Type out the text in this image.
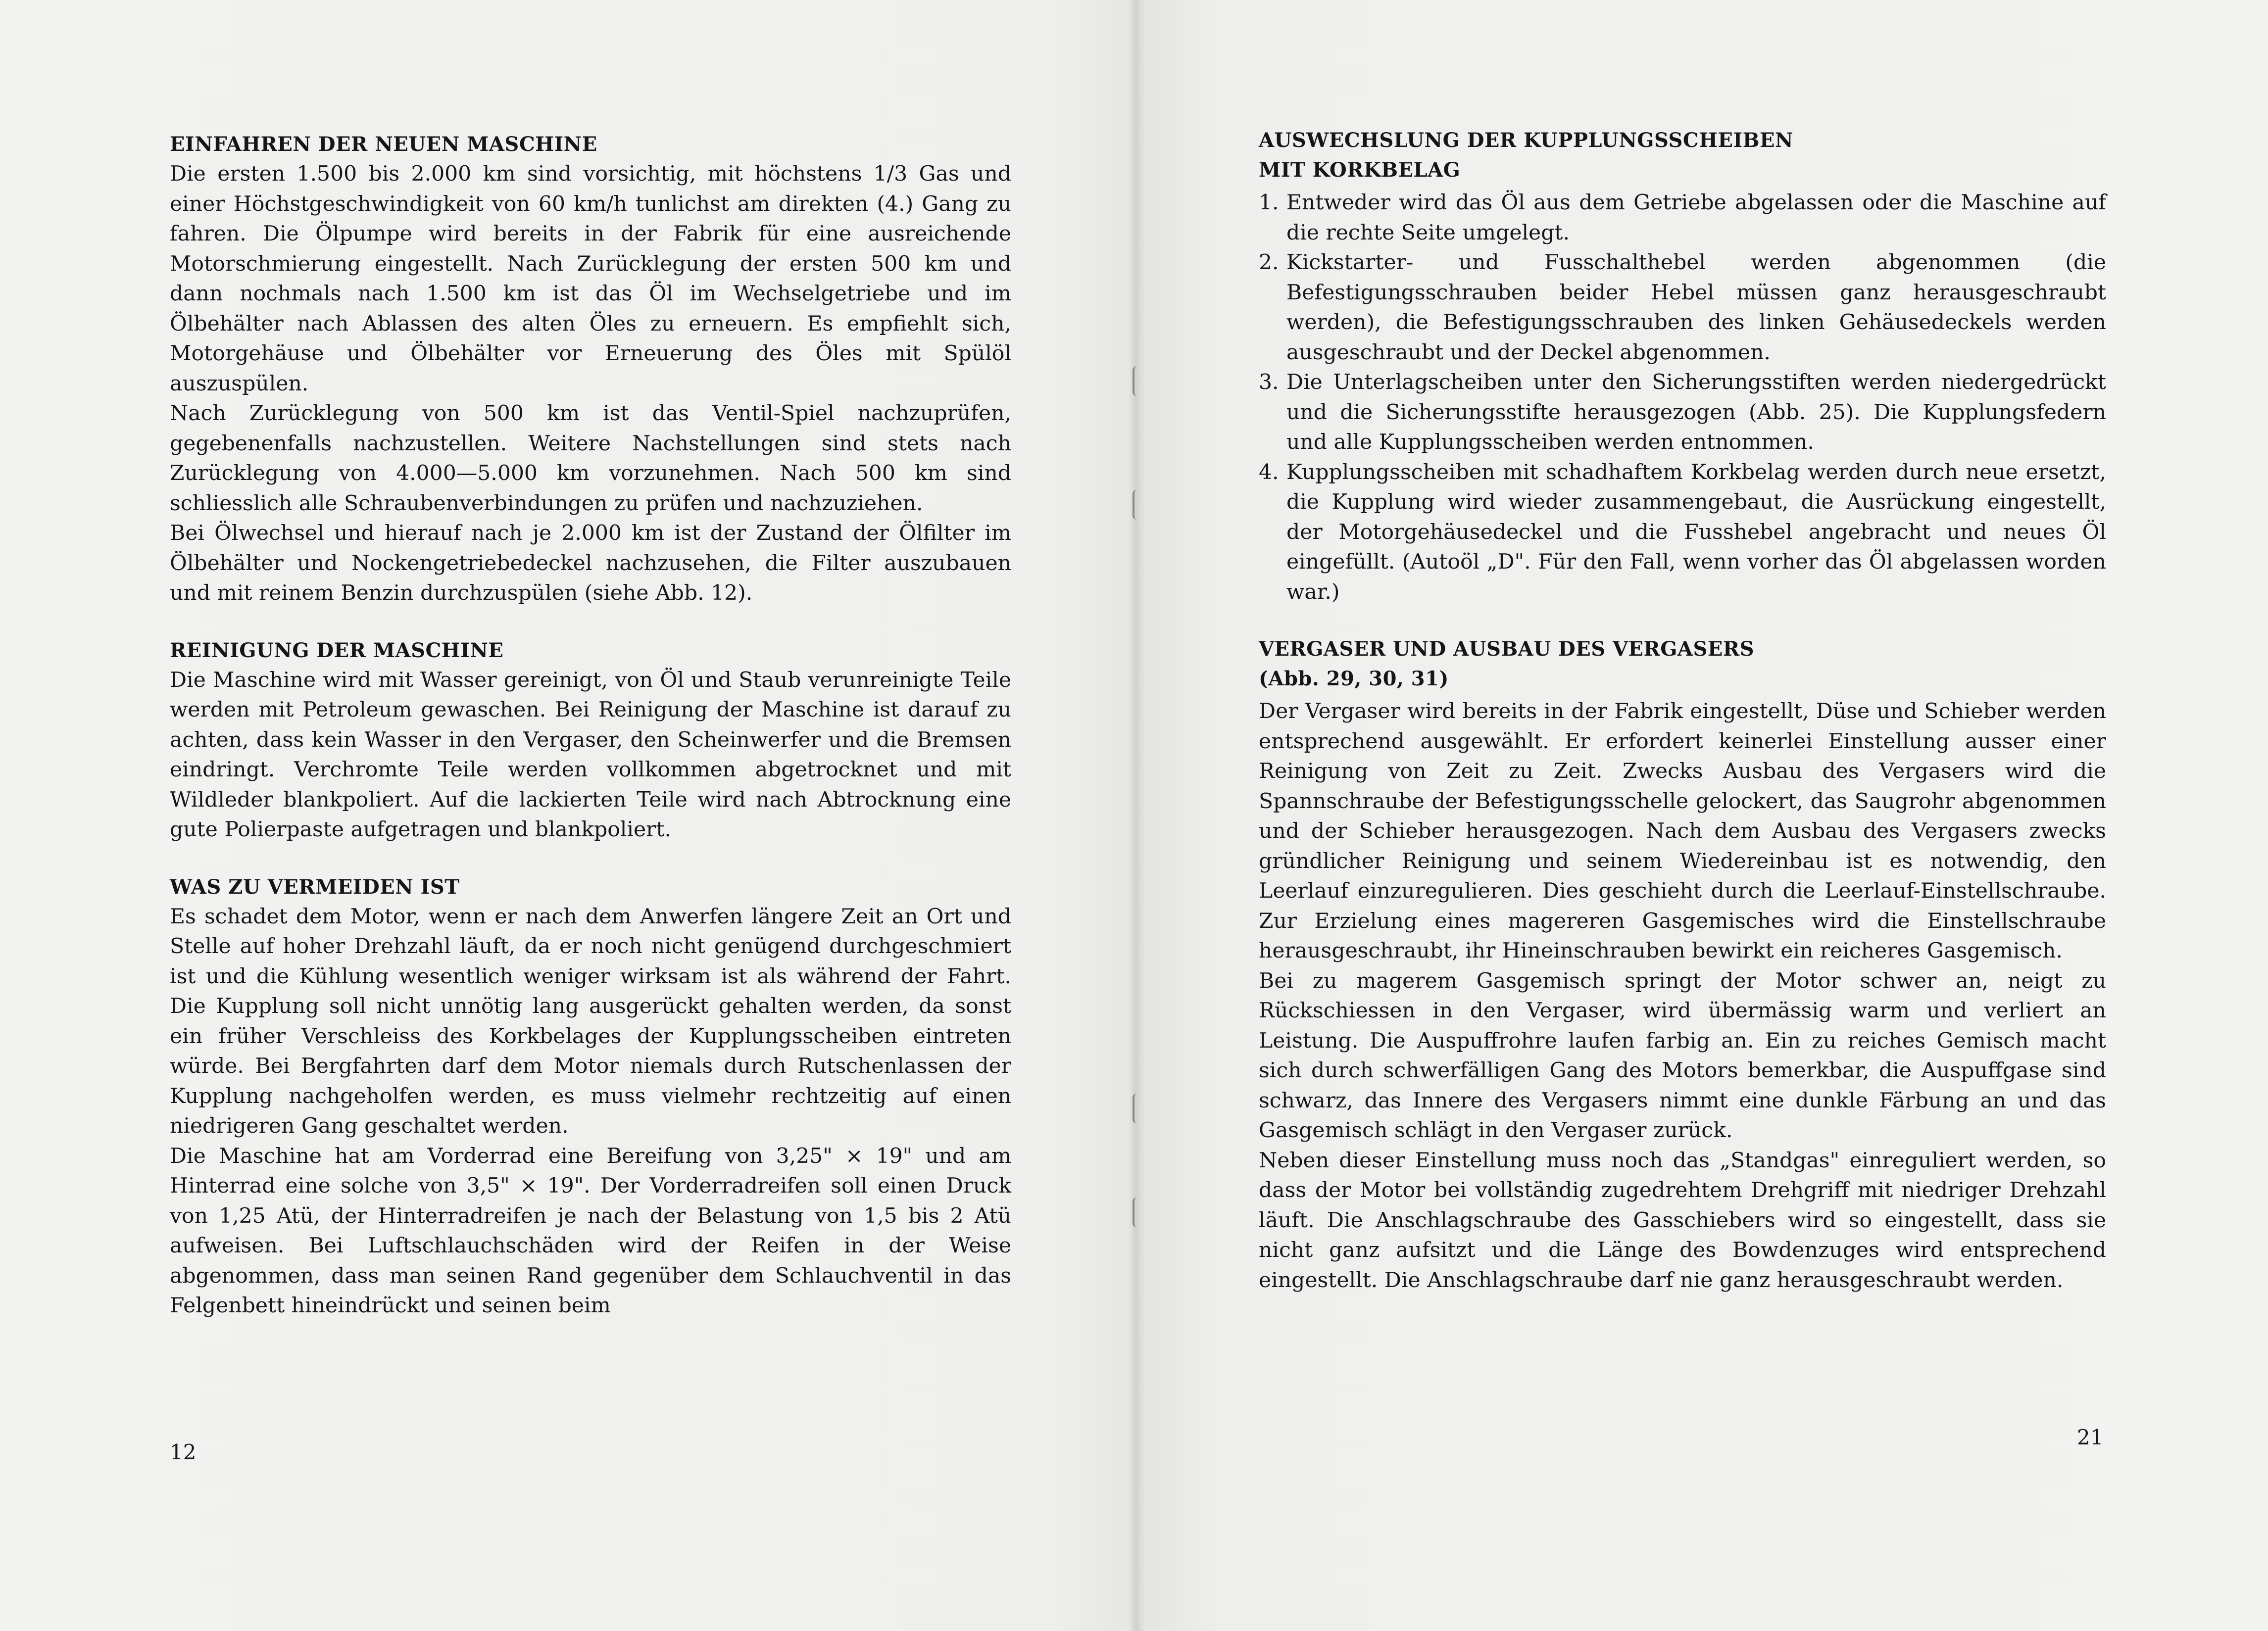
EINFAHREN DER NEUEN MASCHINE

Die ersten 1.500 bis 2.000 km sind vorsichtig, mit höchstens 1/3 Gas und einer Höchstgeschwindigkeit von 60 km/h tunlichst am direkten (4.) Gang zu fahren. Die Ölpumpe wird bereits in der Fabrik für eine ausreichende Motorschmierung eingestellt. Nach Zurücklegung der ersten 500 km und dann nochmals nach 1.500 km ist das Öl im Wechselgetriebe und im Ölbehälter nach Ablassen des alten Öles zu erneuern. Es empfiehlt sich, Motorgehäuse und Ölbehälter vor Erneuerung des Öles mit Spülöl auszuspülen.

Nach Zurücklegung von 500 km ist das Ventil-Spiel nachzuprüfen, gegebenenfalls nachzustellen. Weitere Nachstellungen sind stets nach Zurücklegung von 4.000—5.000 km vorzunehmen. Nach 500 km sind schliesslich alle Schraubenverbindungen zu prüfen und nachzuziehen.

Bei Ölwechsel und hierauf nach je 2.000 km ist der Zustand der Ölfilter im Ölbehälter und Nockengetriebedeckel nachzusehen, die Filter auszubauen und mit reinem Benzin durchzuspülen (siehe Abb. 12).

REINIGUNG DER MASCHINE

Die Maschine wird mit Wasser gereinigt, von Öl und Staub verunreinigte Teile werden mit Petroleum gewaschen. Bei Reinigung der Maschine ist darauf zu achten, dass kein Wasser in den Vergaser, den Scheinwerfer und die Bremsen eindringt. Verchromte Teile werden vollkommen abgetrocknet und mit Wildleder blankpoliert. Auf die lackierten Teile wird nach Abtrocknung eine gute Polierpaste aufgetragen und blankpoliert.

WAS ZU VERMEIDEN IST

Es schadet dem Motor, wenn er nach dem Anwerfen längere Zeit an Ort und Stelle auf hoher Drehzahl läuft, da er noch nicht genügend durchgeschmiert ist und die Kühlung wesentlich weniger wirksam ist als während der Fahrt. Die Kupplung soll nicht unnötig lang ausgerückt gehalten werden, da sonst ein früher Verschleiss des Korkbelages der Kupplungsscheiben eintreten würde. Bei Bergfahrten darf dem Motor niemals durch Rutschenlassen der Kupplung nachgeholfen werden, es muss vielmehr rechtzeitig auf einen niedrigeren Gang geschaltet werden.

Die Maschine hat am Vorderrad eine Bereifung von 3,25" × 19" und am Hinterrad eine solche von 3,5" × 19". Der Vorderradreifen soll einen Druck von 1,25 Atü, der Hinterradreifen je nach der Belastung von 1,5 bis 2 Atü aufweisen. Bei Luftschlauchschäden wird der Reifen in der Weise abgenommen, dass man seinen Rand gegenüber dem Schlauchventil in das Felgenbett hineindrückt und seinen beim

12
AUSWECHSLUNG DER KUPPLUNGSSCHEIBEN
MIT KORKBELAG
1. Entweder wird das Öl aus dem Getriebe abgelassen oder die Maschine auf die rechte Seite umgelegt.
2. Kickstarter- und Fusschalthebel werden abgenommen (die Befestigungsschrauben beider Hebel müssen ganz herausgeschraubt werden), die Befestigungsschrauben des linken Gehäusedeckels werden ausgeschraubt und der Deckel abgenommen.
3. Die Unterlagscheiben unter den Sicherungsstiften werden niedergedrückt und die Sicherungsstifte herausgezogen (Abb. 25). Die Kupplungsfedern und alle Kupplungsscheiben werden entnommen.
4. Kupplungsscheiben mit schadhaftem Korkbelag werden durch neue ersetzt, die Kupplung wird wieder zusammengebaut, die Ausrückung eingestellt, der Motorgehäusedeckel und die Fusshebel angebracht und neues Öl eingefüllt. (Autoöl „D". Für den Fall, wenn vorher das Öl abgelassen worden war.)
VERGASER UND AUSBAU DES VERGASERS
(Abb. 29, 30, 31)

Der Vergaser wird bereits in der Fabrik eingestellt, Düse und Schieber werden entsprechend ausgewählt. Er erfordert keinerlei Einstellung ausser einer Reinigung von Zeit zu Zeit. Zwecks Ausbau des Vergasers wird die Spannschraube der Befestigungsschelle gelockert, das Saugrohr abgenommen und der Schieber herausgezogen. Nach dem Ausbau des Vergasers zwecks gründlicher Reinigung und seinem Wiedereinbau ist es notwendig, den Leerlauf einzuregulieren. Dies geschieht durch die Leerlauf-Einstellschraube. Zur Erzielung eines magereren Gasgemisches wird die Einstellschraube herausgeschraubt, ihr Hineinschrauben bewirkt ein reicheres Gasgemisch.

Bei zu magerem Gasgemisch springt der Motor schwer an, neigt zu Rückschiessen in den Vergaser, wird übermässig warm und verliert an Leistung. Die Auspuffrohre laufen farbig an. Ein zu reiches Gemisch macht sich durch schwerfälligen Gang des Motors bemerkbar, die Auspuffgase sind schwarz, das Innere des Vergasers nimmt eine dunkle Färbung an und das Gasgemisch schlägt in den Vergaser zurück.

Neben dieser Einstellung muss noch das „Standgas" einreguliert werden, so dass der Motor bei vollständig zugedrehtem Drehgriff mit niedriger Drehzahl läuft. Die Anschlagschraube des Gasschiebers wird so eingestellt, dass sie nicht ganz aufsitzt und die Länge des Bowdenzuges wird entsprechend eingestellt. Die Anschlagschraube darf nie ganz herausgeschraubt werden.

21
